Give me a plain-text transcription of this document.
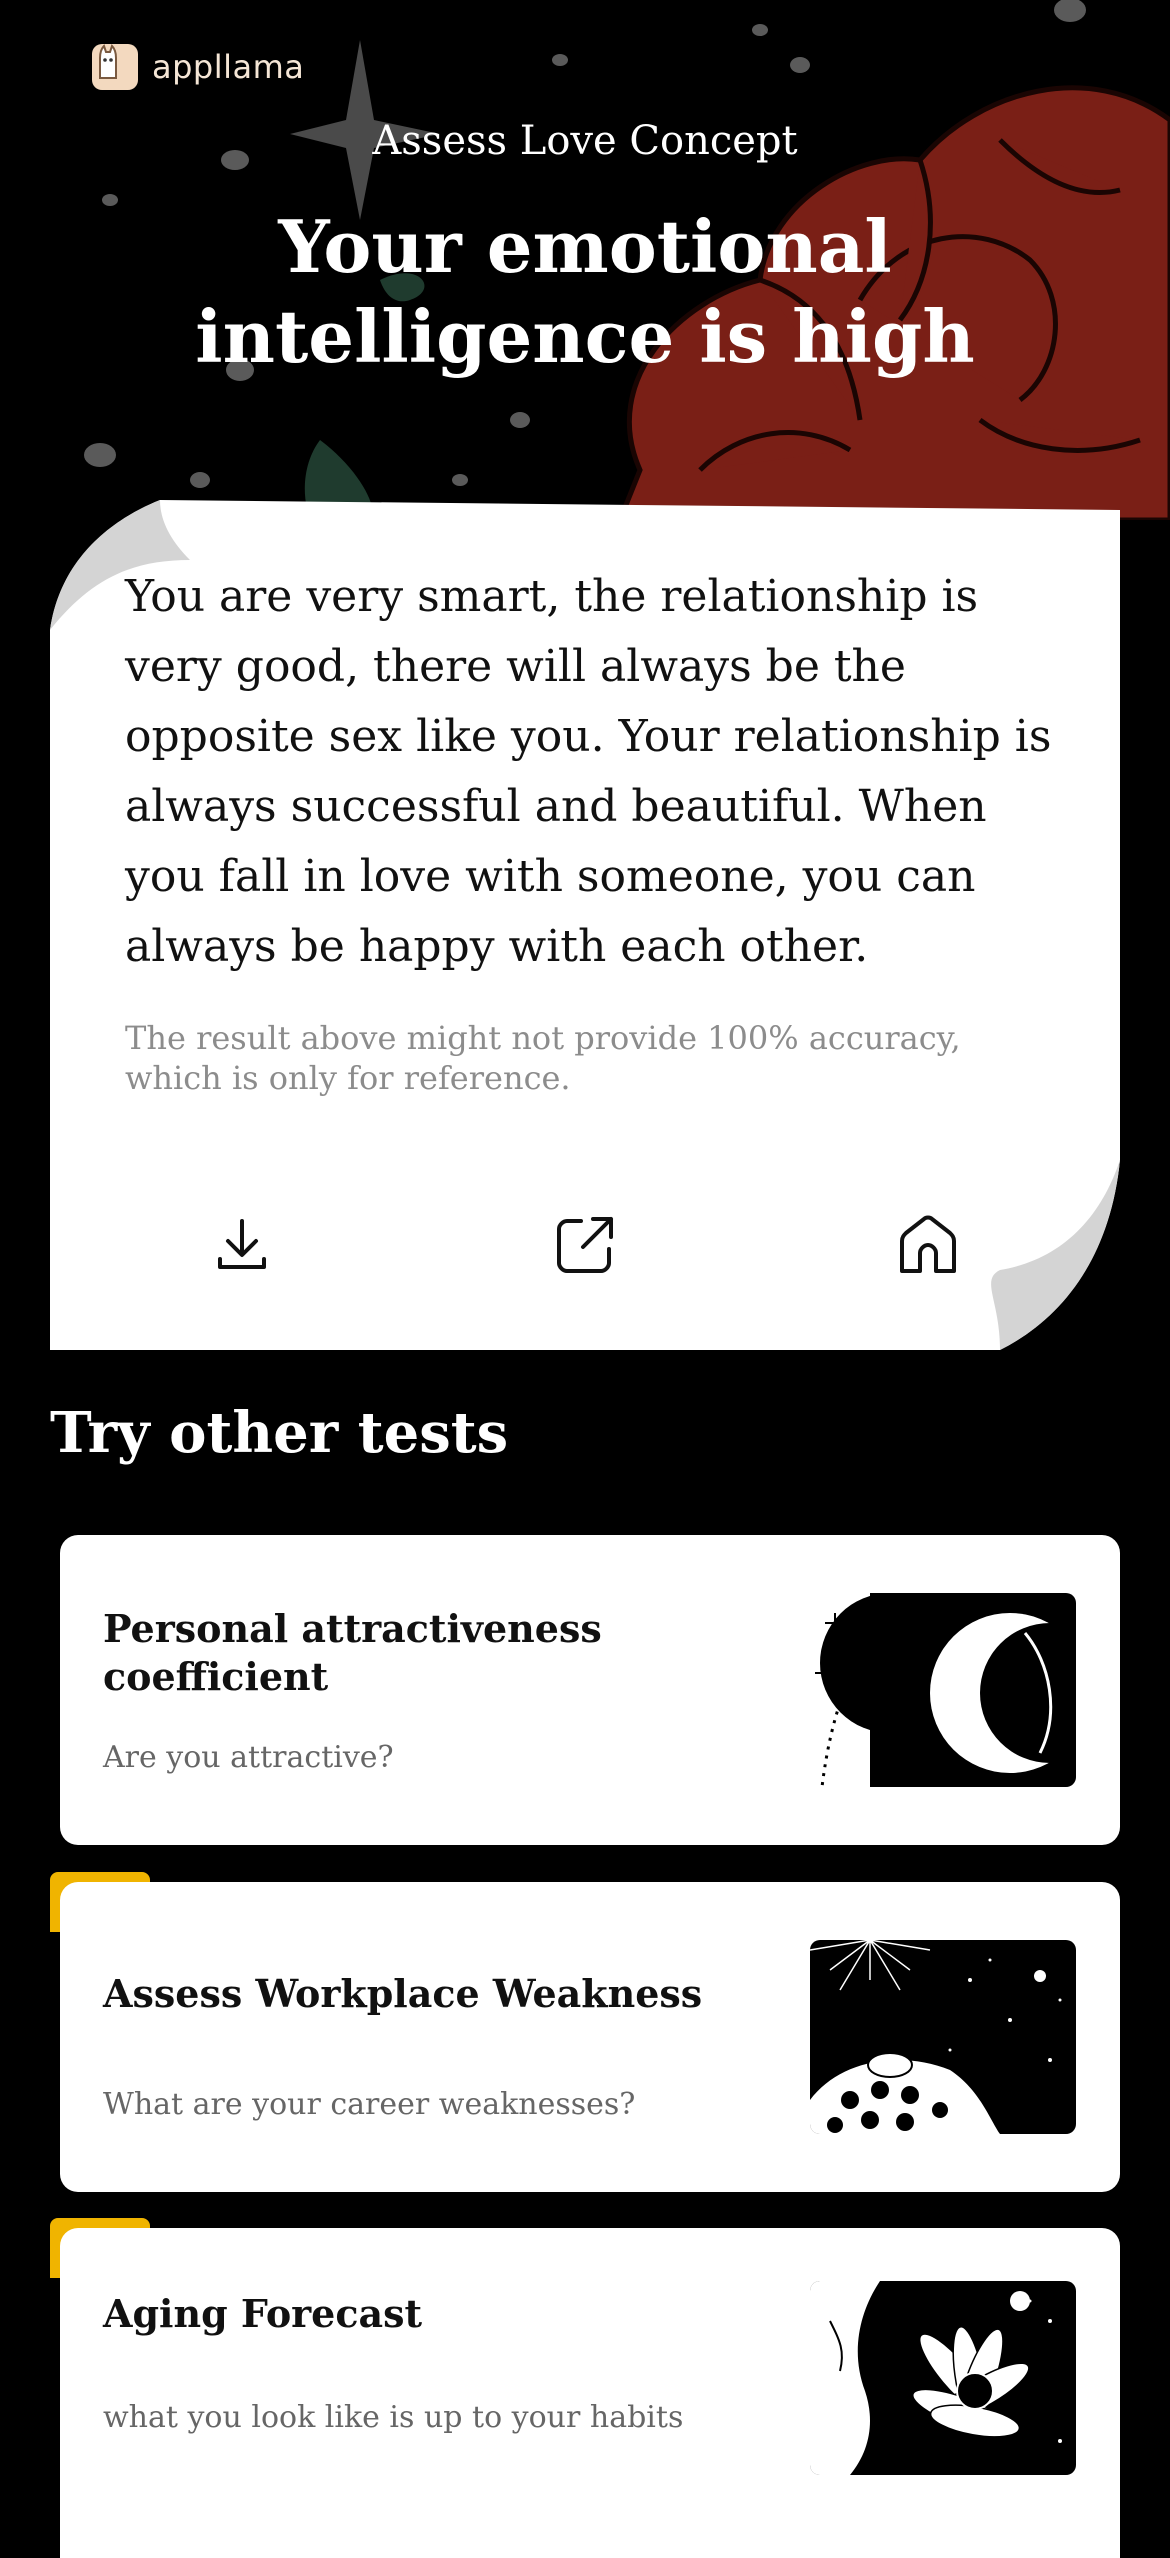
appllama
Assess Love Concept
Your emotional intelligence is high
You are very smart, the relationship is very good, there will always be the opposite sex like you. Your relationship is always successful and beautiful. When you fall in love with someone, you can always be happy with each other.
The result above might not provide 100% accuracy, which is only for reference.
Try other tests
Personal attractiveness coefficient
Are you attractive?
Assess Workplace Weakness
What are your career weaknesses?
Aging Forecast
what you look like is up to your habits
